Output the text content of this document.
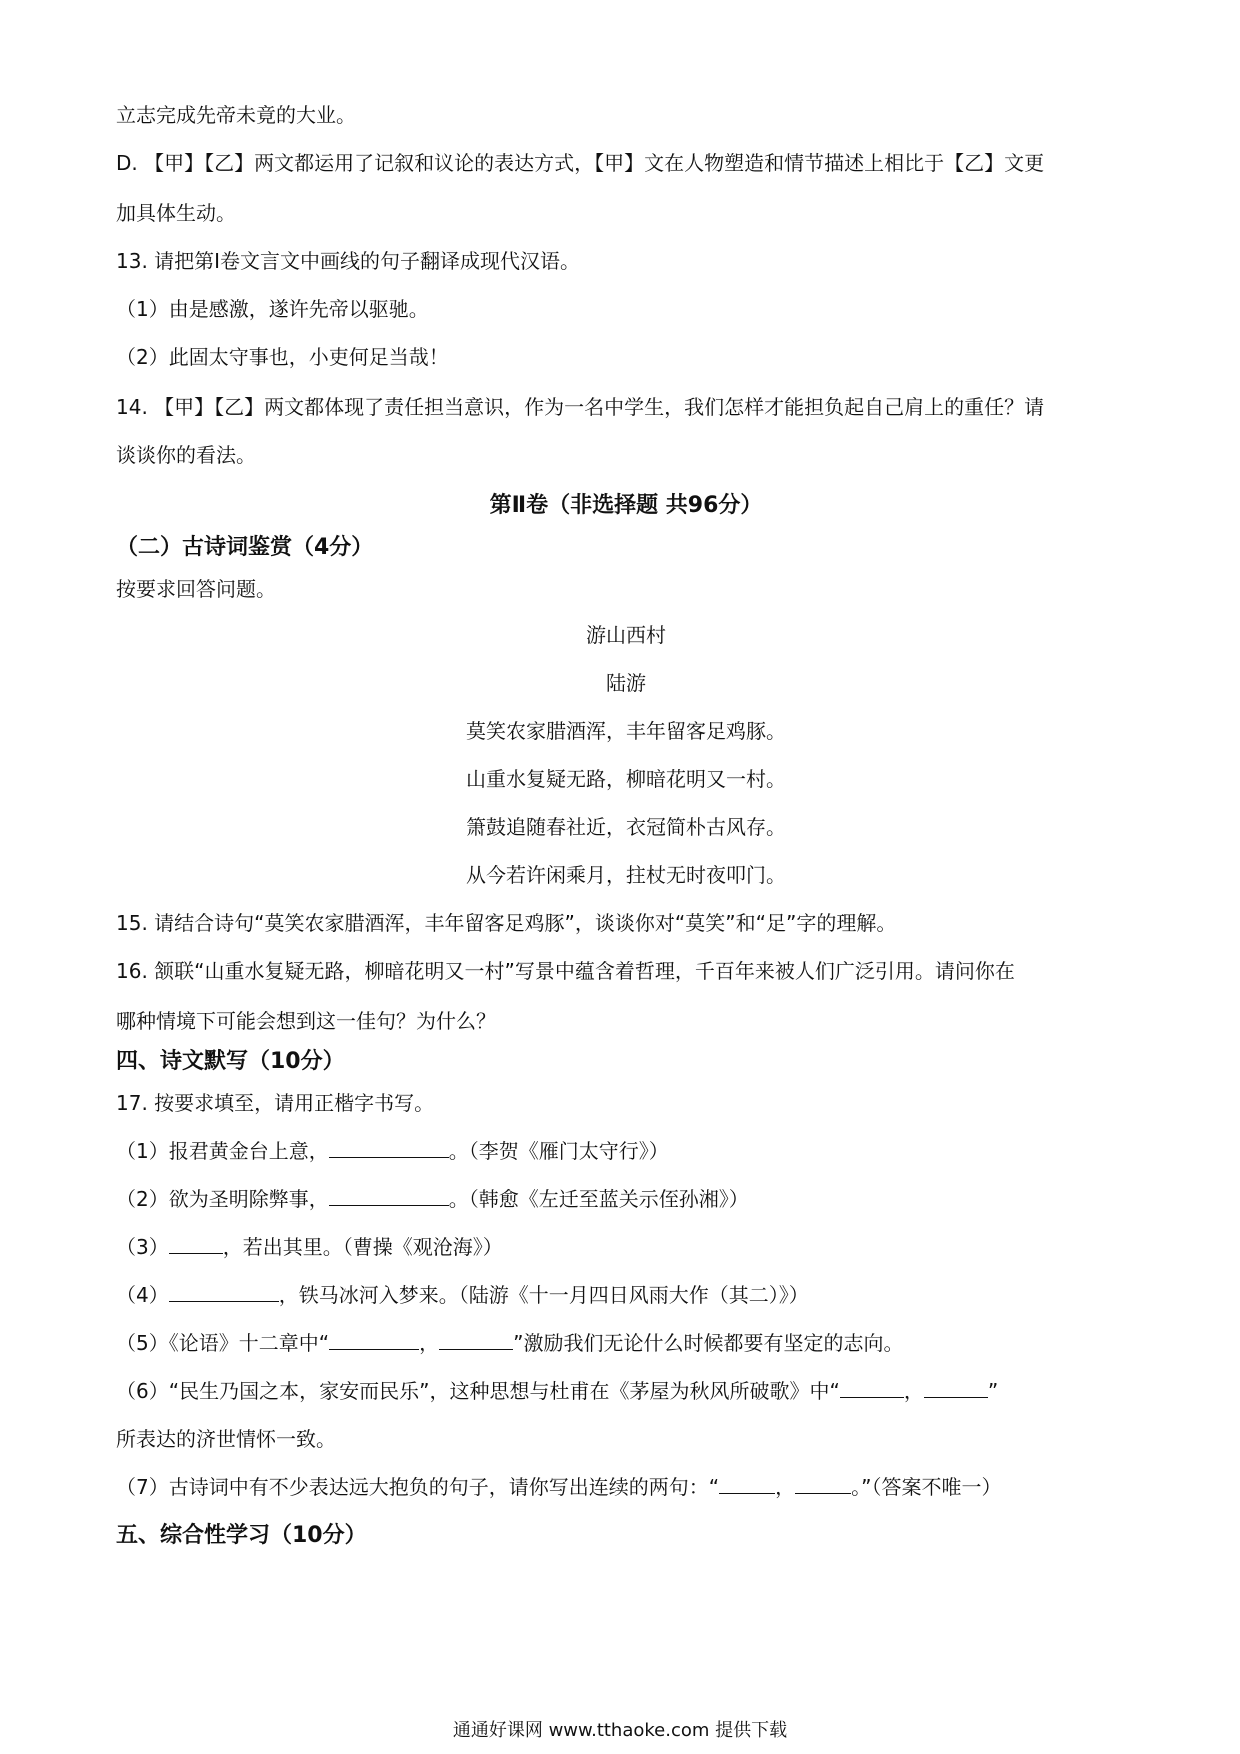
立志完成先帝未竟的大业。

D. 【甲】【乙】两文都运用了记叙和议论的表达方式，【甲】文在人物塑造和情节描述上相比于【乙】文更

加具体生动。

13. 请把第Ⅰ卷文言文中画线的句子翻译成现代汉语。

（1）由是感激，遂许先帝以驱驰。

（2）此固太守事也，小吏何足当哉！

14. 【甲】【乙】两文都体现了责任担当意识，作为一名中学生，我们怎样才能担负起自己肩上的重任？请

谈谈你的看法。

第Ⅱ卷（非选择题 共96分）

（二）古诗词鉴赏（4分）

按要求回答问题。

游山西村

陆游

莫笑农家腊酒浑，丰年留客足鸡豚。

山重水复疑无路，柳暗花明又一村。

箫鼓追随春社近，衣冠简朴古风存。

从今若许闲乘月，拄杖无时夜叩门。

15. 请结合诗句“莫笑农家腊酒浑，丰年留客足鸡豚”，谈谈你对“莫笑”和“足”字的理解。

16. 颔联“山重水复疑无路，柳暗花明又一村”写景中蕴含着哲理，千百年来被人们广泛引用。请问你在

哪种情境下可能会想到这一佳句？为什么？

四、诗文默写（10分）

17. 按要求填至，请用正楷字书写。

（1）报君黄金台上意，	。（李贺《雁门太守行》）

（2）欲为圣明除弊事，	。（韩愈《左迁至蓝关示侄孙湘》）

（3）	，若出其里。（曹操《观沧海》）

（4）	，铁马冰河入梦来。（陆游《十一月四日风雨大作（其二）》）

（5）《论语》十二章中“	，	”激励我们无论什么时候都要有坚定的志向。

（6）“民生乃国之本，家安而民乐”，这种思想与杜甫在《茅屋为秋风所破歌》中“	，	”

所表达的济世情怀一致。

（7）古诗词中有不少表达远大抱负的句子，请你写出连续的两句：“	，	。”（答案不唯一）

五、综合性学习（10分）

通通好课网 www.tthaoke.com 提供下载
